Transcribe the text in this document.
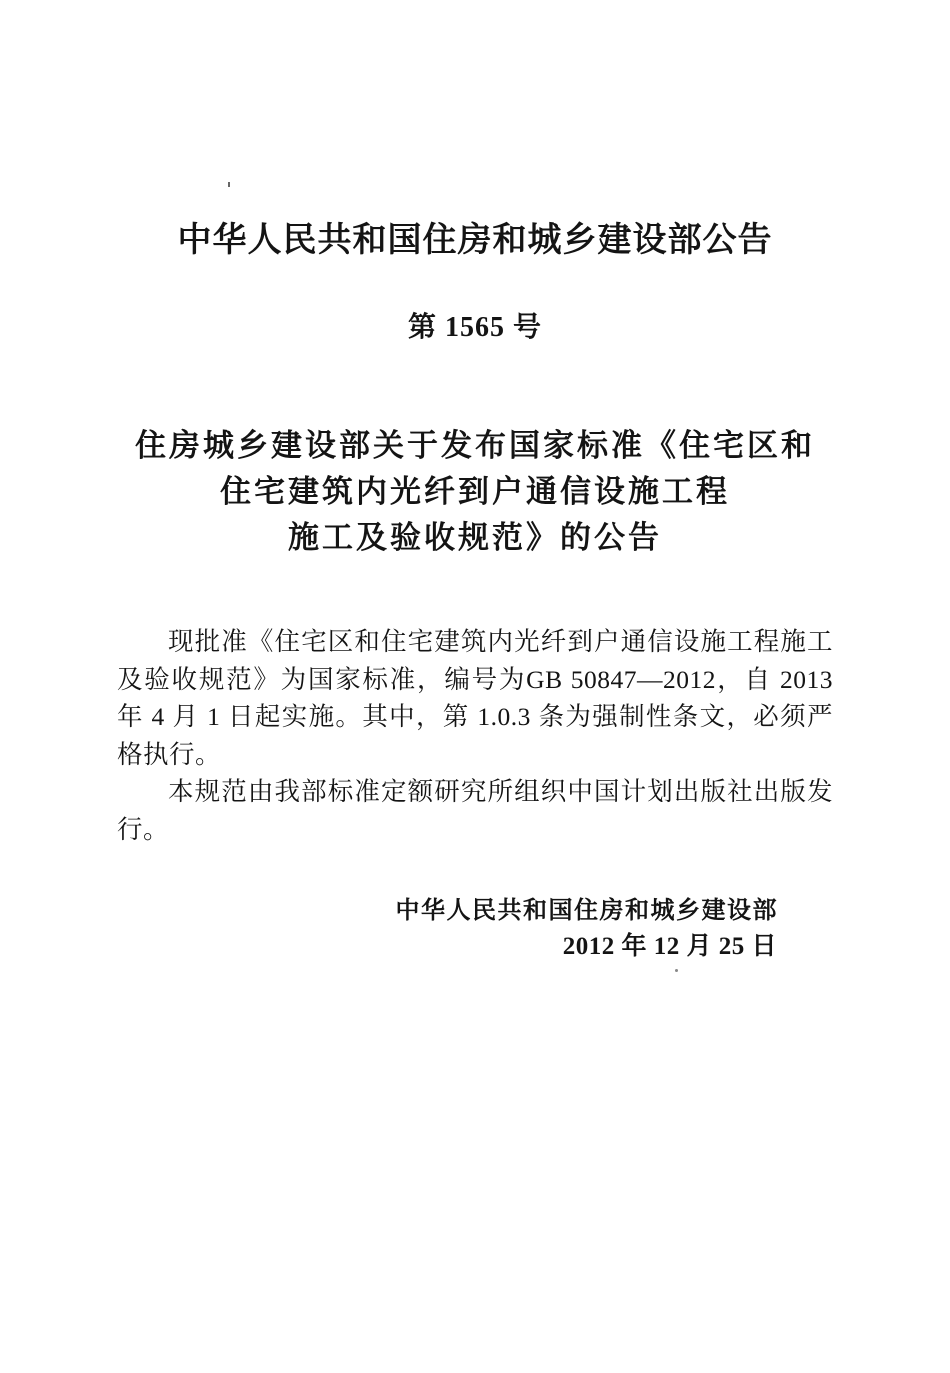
中华人民共和国住房和城乡建设部公告
第 1565 号
住房城乡建设部关于发布国家标准《住宅区和
住宅建筑内光纤到户通信设施工程
施工及验收规范》的公告

现批准《住宅区和住宅建筑内光纤到户通信设施工程施工及验收规范》为国家标准，编号为GB 50847—2012，自 2013 年 4 月 1 日起实施。其中，第 1.0.3 条为强制性条文，必须严格执行。

本规范由我部标准定额研究所组织中国计划出版社出版发行。

中华人民共和国住房和城乡建设部
2012 年 12 月 25 日
